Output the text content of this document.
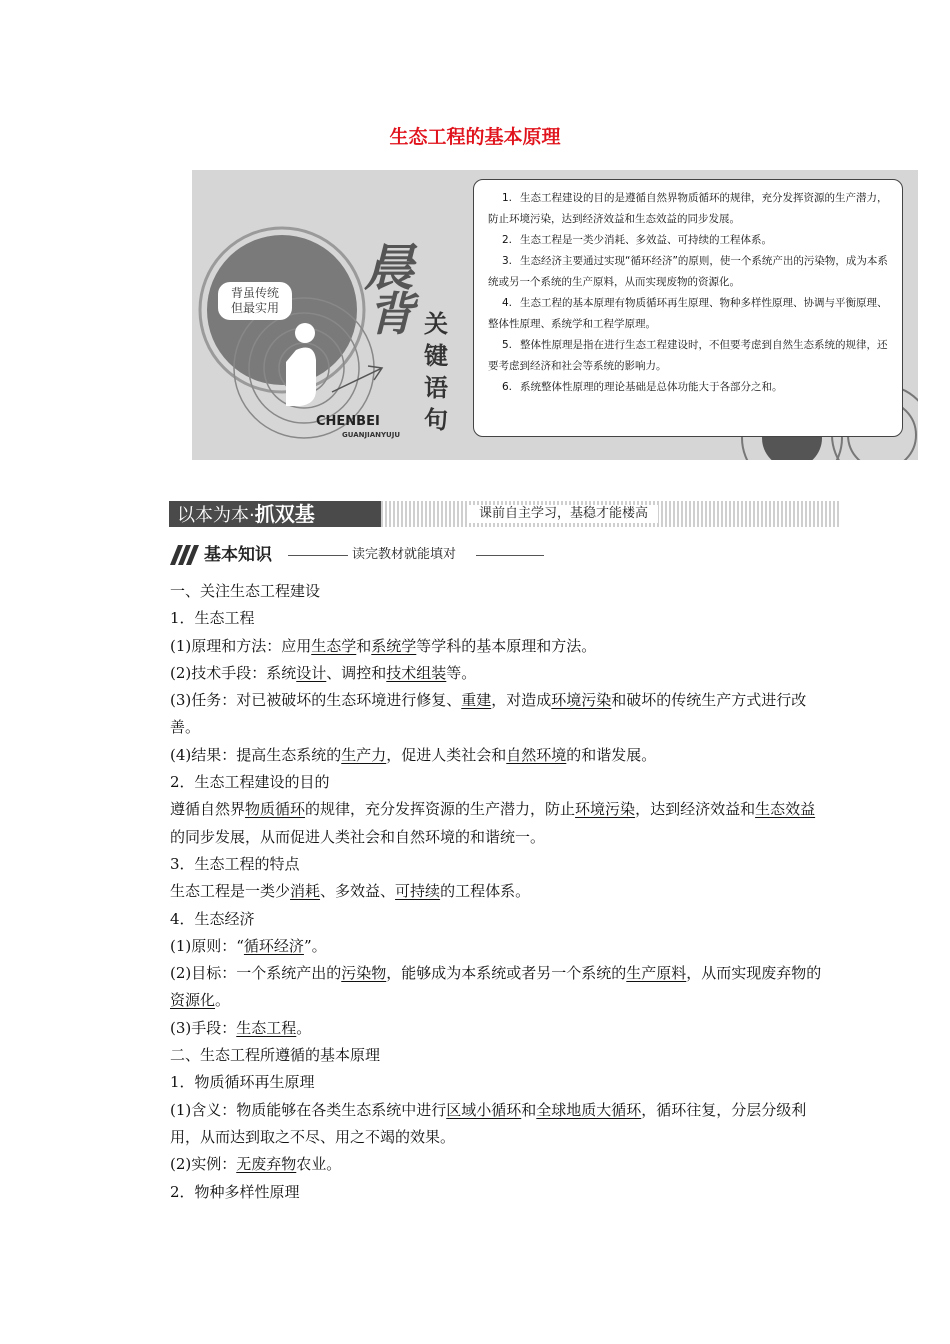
生态工程的基本原理
背虽传统
但最实用
晨
背 关
键
语
句
CHENBEI
GUANJIANYUJU

1. 生态工程建设的目的是遵循自然界物质循环的规律，充分发挥资源的生产潜力，防止环境污染，达到经济效益和生态效益的同步发展。

2. 生态工程是一类少消耗、多效益、可持续的工程体系。

3. 生态经济主要通过实现“循环经济”的原则，使一个系统产出的污染物，成为本系统或另一个系统的生产原料，从而实现废物的资源化。

4. 生态工程的基本原理有物质循环再生原理、物种多样性原理、协调与平衡原理、整体性原理、系统学和工程学原理。

5. 整体性原理是指在进行生态工程建设时，不但要考虑到自然生态系统的规律，还要考虑到经济和社会等系统的影响力。

6. 系统整体性原理的理论基础是总体功能大于各部分之和。

以本为本·抓双基	课前自主学习，基稳才能楼高
基本知识	读完教材就能填对
一、关注生态工程建设
1．生态工程
(1)原理和方法：应用生态学和系统学等学科的基本原理和方法。
(2)技术手段：系统设计、调控和技术组装等。
(3)任务：对已被破坏的生态环境进行修复、重建，对造成环境污染和破坏的传统生产方式进行改善。
(4)结果：提高生态系统的生产力，促进人类社会和自然环境的和谐发展。
2．生态工程建设的目的
遵循自然界物质循环的规律，充分发挥资源的生产潜力，防止环境污染，达到经济效益和生态效益的同步发展，从而促进人类社会和自然环境的和谐统一。
3．生态工程的特点
生态工程是一类少消耗、多效益、可持续的工程体系。
4．生态经济
(1)原则：“循环经济”。
(2)目标：一个系统产出的污染物，能够成为本系统或者另一个系统的生产原料，从而实现废弃物的资源化。
(3)手段：生态工程。
二、生态工程所遵循的基本原理
1．物质循环再生原理
(1)含义：物质能够在各类生态系统中进行区域小循环和全球地质大循环，循环往复，分层分级利用，从而达到取之不尽、用之不竭的效果。
(2)实例：无废弃物农业。
2．物种多样性原理
